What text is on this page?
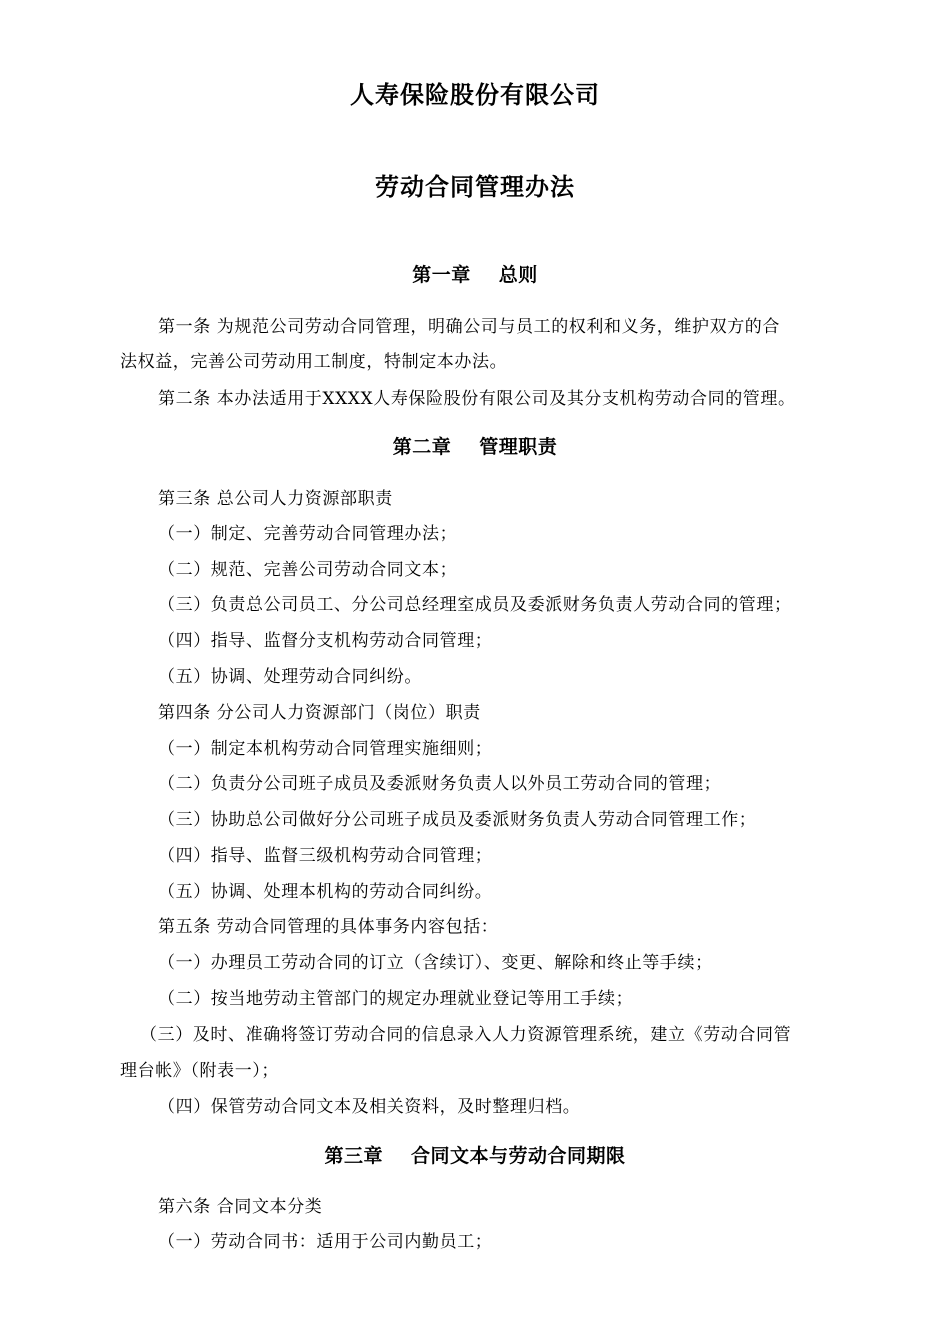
人寿保险股份有限公司
劳动合同管理办法
第一章 总则
第一条 为规范公司劳动合同管理，明确公司与员工的权利和义务，维护双方的合
法权益，完善公司劳动用工制度，特制定本办法。
第二条 本办法适用于XXXX人寿保险股份有限公司及其分支机构劳动合同的管理。
第二章 管理职责
第三条 总公司人力资源部职责
（一）制定、完善劳动合同管理办法；
（二）规范、完善公司劳动合同文本；
（三）负责总公司员工、分公司总经理室成员及委派财务负责人劳动合同的管理；
（四）指导、监督分支机构劳动合同管理；
（五）协调、处理劳动合同纠纷。
第四条 分公司人力资源部门（岗位）职责
（一）制定本机构劳动合同管理实施细则；
（二）负责分公司班子成员及委派财务负责人以外员工劳动合同的管理；
（三）协助总公司做好分公司班子成员及委派财务负责人劳动合同管理工作；
（四）指导、监督三级机构劳动合同管理；
（五）协调、处理本机构的劳动合同纠纷。
第五条 劳动合同管理的具体事务内容包括：
（一）办理员工劳动合同的订立（含续订）、变更、解除和终止等手续；
（二）按当地劳动主管部门的规定办理就业登记等用工手续；
（三）及时、准确将签订劳动合同的信息录入人力资源管理系统，建立《劳动合同管
理台帐》（附表一）；
（四）保管劳动合同文本及相关资料，及时整理归档。
第三章 合同文本与劳动合同期限
第六条 合同文本分类
（一）劳动合同书：适用于公司内勤员工；
